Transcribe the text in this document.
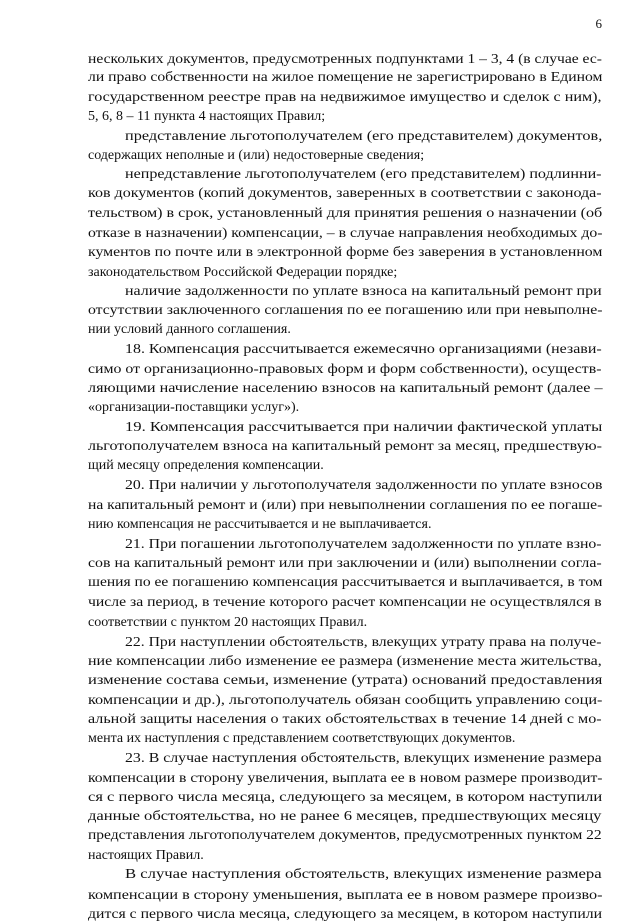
6
нескольких документов, предусмотренных подпунктами 1 – 3, 4 (в случае ес-
ли право собственности на жилое помещение не зарегистрировано в Едином
государственном реестре прав на недвижимое имущество и сделок с ним),
5, 6, 8 – 11 пункта 4 настоящих Правил;
представление льготополучателем (его представителем) документов,
содержащих неполные и (или) недостоверные сведения;
непредставление льготополучателем (его представителем) подлинни-
ков документов (копий документов, заверенных в соответствии с законода-
тельством) в срок, установленный для принятия решения о назначении (об
отказе в назначении) компенсации, – в случае направления необходимых до-
кументов по почте или в электронной форме без заверения в установленном
законодательством Российской Федерации порядке;
наличие задолженности по уплате взноса на капитальный ремонт при
отсутствии заключенного соглашения по ее погашению или при невыполне-
нии условий данного соглашения.
18. Компенсация рассчитывается ежемесячно организациями (незави-
симо от организационно-правовых форм и форм собственности), осуществ-
ляющими начисление населению взносов на капитальный ремонт (далее –
«организации-поставщики услуг»).
19. Компенсация рассчитывается при наличии фактической уплаты
льготополучателем взноса на капитальный ремонт за месяц, предшествую-
щий месяцу определения компенсации.
20. При наличии у льготополучателя задолженности по уплате взносов
на капитальный ремонт и (или) при невыполнении соглашения по ее погаше-
нию компенсация не рассчитывается и не выплачивается.
21. При погашении льготополучателем задолженности по уплате взно-
сов на капитальный ремонт или при заключении и (или) выполнении согла-
шения по ее погашению компенсация рассчитывается и выплачивается, в том
числе за период, в течение которого расчет компенсации не осуществлялся в
соответствии с пунктом 20 настоящих Правил.
22. При наступлении обстоятельств, влекущих утрату права на получе-
ние компенсации либо изменение ее размера (изменение места жительства,
изменение состава семьи, изменение (утрата) оснований предоставления
компенсации и др.), льготополучатель обязан сообщить управлению соци-
альной защиты населения о таких обстоятельствах в течение 14 дней с мо-
мента их наступления с представлением соответствующих документов.
23. В случае наступления обстоятельств, влекущих изменение размера
компенсации в сторону увеличения, выплата ее в новом размере производит-
ся с первого числа месяца, следующего за месяцем, в котором наступили
данные обстоятельства, но не ранее 6 месяцев, предшествующих месяцу
представления льготополучателем документов, предусмотренных пунктом 22
настоящих Правил.
В случае наступления обстоятельств, влекущих изменение размера
компенсации в сторону уменьшения, выплата ее в новом размере произво-
дится с первого числа месяца, следующего за месяцем, в котором наступили
